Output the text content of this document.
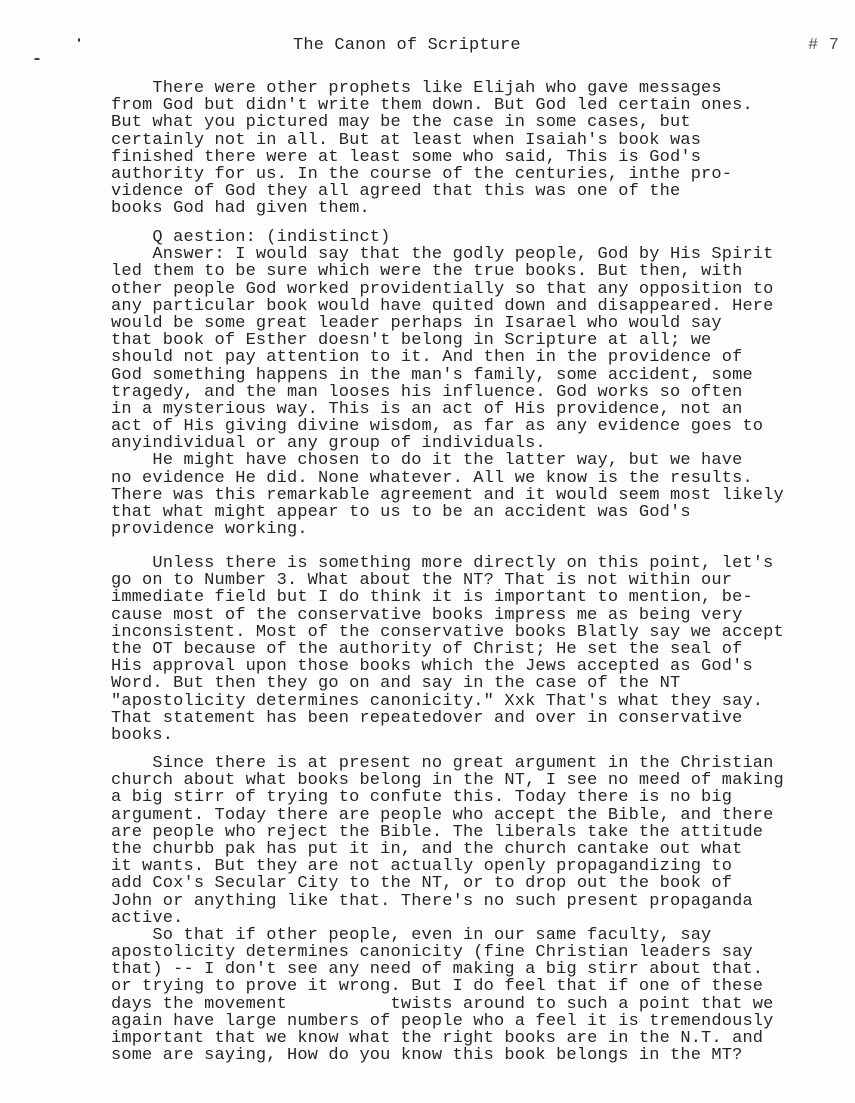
The Canon of Scripture	# 7
There were other prophets like Elijah who gave messages
from God but didn't write them down. But God led certain ones.
But what you pictured may be the case in some cases, but
certainly not in all. But at least when Isaiah's book was
finished there were at least some who said, This is God's
authority for us. In the course of the centuries, inthe pro-
vidence of God they all agreed that this was one of the
books God had given them.
Q aestion: (indistinct)
Answer: I would say that the godly people, God by His Spirit
led them to be sure which were the true books. But then, with
other people God worked providentially so that any opposition to
any particular book would have quited down and disappeared. Here
would be some great leader perhaps in Isarael who would say
that book of Esther doesn't belong in Scripture at all; we
should not pay attention to it. And then in the providence of
God something happens in the man's family, some accident, some
tragedy, and the man looses his influence. God works so often
in a mysterious way. This is an act of His providence, not an
act of His giving divine wisdom, as far as any evidence goes to
anyindividual or any group of individuals.
He might have chosen to do it the latter way, but we have
no evidence He did. None whatever. All we know is the results.
There was this remarkable agreement and it would seem most likely
that what might appear to us to be an accident was God's
providence working.
Unless there is something more directly on this point, let's
go on to Number 3. What about the NT? That is not within our
immediate field but I do think it is important to mention, be-
cause most of the conservative books impress me as being very
inconsistent. Most of the conservative books Blatly say we accept
the OT because of the authority of Christ; He set the seal of
His approval upon those books which the Jews accepted as God's
Word. But then they go on and say in the case of the NT
"apostolicity determines canonicity." Xxk That's what they say.
That statement has been repeatedover and over in conservative
books.
Since there is at present no great argument in the Christian
church about what books belong in the NT, I see no meed of making
a big stirr of trying to confute this. Today there is no big
argument. Today there are people who accept the Bible, and there
are people who reject the Bible. The liberals take the attitude
the churbb pak has put it in, and the church cantake out what
it wants. But they are not actually openly propagandizing to
add Cox's Secular City to the NT, or to drop out the book of
John or anything like that. There's no such present propaganda
active.
So that if other people, even in our same faculty, say
apostolicity determines canonicity (fine Christian leaders say
that) -- I don't see any need of making a big stirr about that.
or trying to prove it wrong. But I do feel that if one of these
days the movement          twists around to such a point that we
again have large numbers of people who a feel it is tremendously
important that we know what the right books are in the N.T. and
some are saying, How do you know this book belongs in the MT?
